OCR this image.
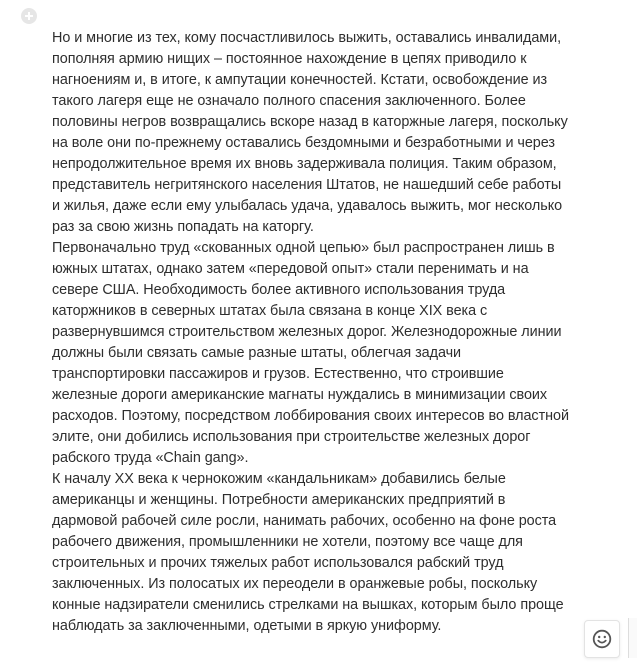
Но и многие из тех, кому посчастливилось выжить, оставались инвалидами, пополняя армию нищих – постоянное нахождение в цепях приводило к нагноениям и, в итоге, к ампутации конечностей. Кстати, освобождение из такого лагеря еще не означало полного спасения заключенного. Более половины негров возвращались вскоре назад в каторжные лагеря, поскольку на воле они по-прежнему оставались бездомными и безработными и через непродолжительное время их вновь задерживала полиция. Таким образом, представитель негритянского населения Штатов, не нашедший себе работы и жилья, даже если ему улыбалась удача, удавалось выжить, мог несколько раз за свою жизнь попадать на каторгу.

Первоначально труд «скованных одной цепью» был распространен лишь в южных штатах, однако затем «передовой опыт» стали перенимать и на севере США. Необходимость более активного использования труда каторжников в северных штатах была связана в конце XIX века с развернувшимся строительством железных дорог. Железнодорожные линии должны были связать самые разные штаты, облегчая задачи транспортировки пассажиров и грузов. Естественно, что строившие железные дороги американские магнаты нуждались в минимизации своих расходов. Поэтому, посредством лоббирования своих интересов во властной элите, они добились использования при строительстве железных дорог рабского труда «Chain gang».

К началу XX века к чернокожим «кандальникам» добавились белые американцы и женщины. Потребности американских предприятий в дармовой рабочей силе росли, нанимать рабочих, особенно на фоне роста рабочего движения, промышленники не хотели, поэтому все чаще для строительных и прочих тяжелых работ использовался рабский труд заключенных. Из полосатых их переодели в оранжевые робы, поскольку конные надзиратели сменились стрелками на вышках, которым было проще наблюдать за заключенными, одетыми в яркую униформу.
